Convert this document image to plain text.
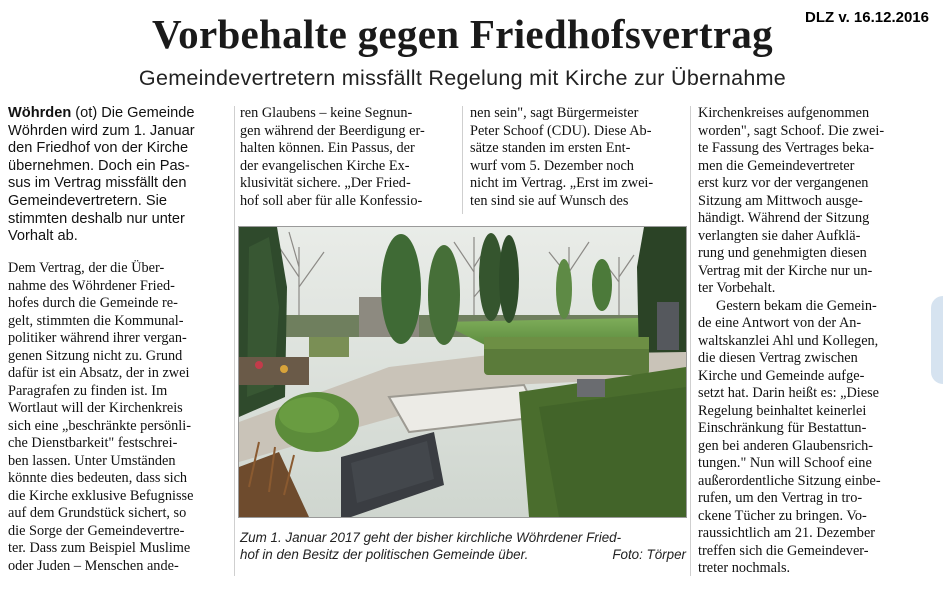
DLZ v. 16.12.2016
Vorbehalte gegen Friedhofsvertrag
Gemeindevertretern missfällt Regelung mit Kirche zur Übernahme
Wöhrden (ot) Die Gemeinde
Wöhrden wird zum 1. Januar
den Friedhof von der Kirche
übernehmen. Doch ein Pas-
sus im Vertrag missfällt den
Gemeindevertretern. Sie
stimmten deshalb nur unter
Vorhalt ab.
Dem Vertrag, der die Über-
nahme des Wöhrdener Fried-
hofes durch die Gemeinde re-
gelt, stimmten die Kommunal-
politiker während ihrer vergan-
genen Sitzung nicht zu. Grund
dafür ist ein Absatz, der in zwei
Paragrafen zu finden ist. Im
Wortlaut will der Kirchenkreis
sich eine „beschränkte persönli-
che Dienstbarkeit" festschrei-
ben lassen. Unter Umständen
könnte dies bedeuten, dass sich
die Kirche exklusive Befugnisse
auf dem Grundstück sichert, so
die Sorge der Gemeindevertre-
ter. Dass zum Beispiel Muslime
oder Juden – Menschen ande-
ren Glaubens – keine Segnun-
gen während der Beerdigung er-
halten können. Ein Passus, der
der evangelischen Kirche Ex-
klusivität sichere. „Der Fried-
hof soll aber für alle Konfessio-
nen sein", sagt Bürgermeister
Peter Schoof (CDU). Diese Ab-
sätze standen im ersten Ent-
wurf vom 5. Dezember noch
nicht im Vertrag. „Erst im zwei-
ten sind sie auf Wunsch des
Kirchenkreises aufgenommen
worden", sagt Schoof. Die zwei-
te Fassung des Vertrages beka-
men die Gemeindevertreter
erst kurz vor der vergangenen
Sitzung am Mittwoch ausge-
händigt. Während der Sitzung
verlangten sie daher Aufklä-
rung und genehmigten diesen
Vertrag mit der Kirche nur un-
ter Vorbehalt.
Gestern bekam die Gemein-
de eine Antwort von der An-
waltskanzlei Ahl und Kollegen,
die diesen Vertrag zwischen
Kirche und Gemeinde aufge-
setzt hat. Darin heißt es: „Diese
Regelung beinhaltet keinerlei
Einschränkung für Bestattun-
gen bei anderen Glaubensrich-
tungen." Nun will Schoof eine
außerordentliche Sitzung einbe-
rufen, um den Vertrag in tro-
ckene Tücher zu bringen. Vo-
raussichtlich am 21. Dezember
treffen sich die Gemeindever-
treter nochmals.
Zum 1. Januar 2017 geht der bisher kirchliche Wöhrdener Fried-
hof in den Besitz der politischen Gemeinde über.	Foto: Törper
